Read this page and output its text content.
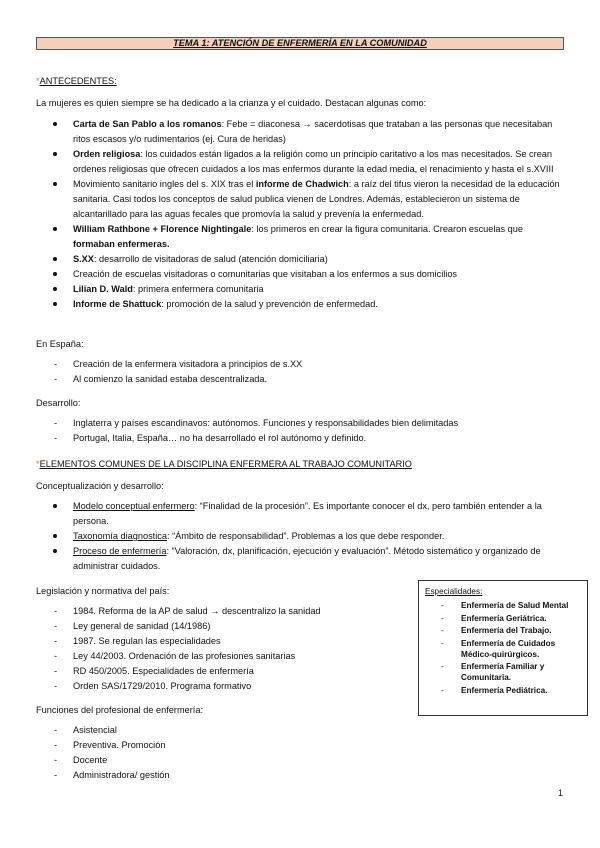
TEMA 1: ATENCIÓN DE ENFERMERÍA EN LA COMUNIDAD

*ANTECEDENTES:

La mujeres es quien siempre se ha dedicado a la crianza y el cuidado. Destacan algunas como:

Carta de San Pablo a los romanos: Febe = diaconesa → sacerdotisas que trataban a las personas que necesitaban ritos escasos y/o rudimentarios (ej. Cura de heridas)
Orden religiosa: los cuidados están ligados a la religión como un principio caritativo a los mas necesitados. Se crean ordenes religiosas que ofrecen cuidados a los mas enfermos durante la edad media, el renacimiento y hasta el s.XVIII
Movimiento sanitario ingles del s. XIX tras el informe de Chadwich: a raíz del tifus vieron la necesidad de la educación sanitaria. Casi todos los conceptos de salud publica vienen de Londres. Además, establecieron un sistema de alcantarillado para las aguas fecales que promovía la salud y prevenía la enfermedad.
William Rathbone + Florence Nightingale: los primeros en crear la figura comunitaria. Crearon escuelas que formaban enfermeras.
S.XX: desarrollo de visitadoras de salud (atención domiciliaria)
Creación de escuelas visitadoras o comunitarias que visitaban a los enfermos a sus domicilios
Lilian D. Wald: primera enfermera comunitaria
Informe de Shattuck: promoción de la salud y prevención de enfermedad.

En España:

- Creación de la enfermera visitadora a principios de s.XX
- Al comienzo la sanidad estaba descentralizada.

Desarrollo:

- Inglaterra y países escandinavos: autónomos. Funciones y responsabilidades bien delimitadas
- Portugal, Italia, España… no ha desarrollado el rol autónomo y definido.

*ELEMENTOS COMUNES DE LA DISCIPLINA ENFERMERA AL TRABAJO COMUNITARIO

Conceptualización y desarrollo:

Modelo conceptual enfermero: “Finalidad de la procesión”. Es importante conocer el dx, pero también entender a la persona.
Taxonomía diagnostica: “Ámbito de responsabilidad”. Problemas a los que debe responder.
Proceso de enfermería: “Valoración, dx, planificación, ejecución y evaluación”. Método sistemático y organizado de administrar cuidados.

Legislación y normativa del país:

- 1984. Reforma de la AP de salud → descentralizo la sanidad
- Ley general de sanidad (14/1986)
- 1987. Se regulan las especialidades
- Ley 44/2003. Ordenación de las profesiones sanitarias
- RD 450/2005. Especialidades de enfermería
- Orden SAS/1729/2010. Programa formativo

Funciones del profesional de enfermería:

- Asistencial
- Preventiva. Promoción
- Docente
- Administradora/ gestión
Especialidades:
- Enfermería de Salud Mental
- Enfermería Geriátrica.
- Enfermería del Trabajo.
- Enfermería de Cuidados Médico-quirúrgicos.
- Enfermería Familiar y Comunitaria.
- Enfermería Pediátrica.
1
